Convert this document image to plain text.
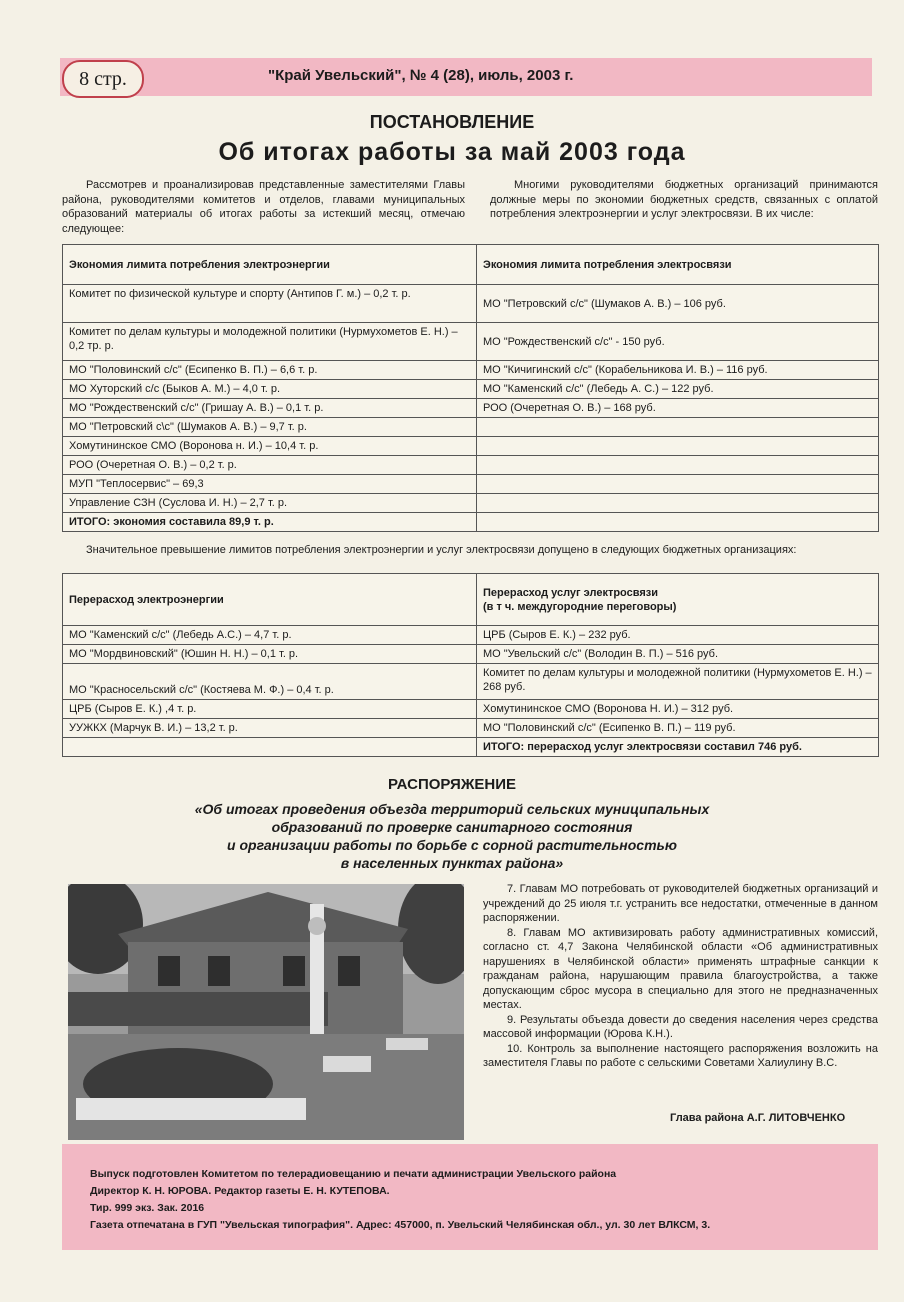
8 стр.	"Край Увельский", № 4 (28), июль, 2003 г.
ПОСТАНОВЛЕНИЕ
Об итогах работы за май 2003 года
Рассмотрев и проанализировав представленные заместителями Главы района, руководителями комитетов и отделов, главами муниципальных образований материалы об итогах работы за истекший месяц, отмечаю следующее:
Многими руководителями бюджетных организаций принимаются должные меры по экономии бюджетных средств, связанных с оплатой потребления электроэнергии и услуг электросвязи. В их числе:
Экономия лимита потребления электроэнергии	Экономия лимита потребления электросвязи
Комитет по физической культуре и спорту (Антипов Г. м.) – 0,2 т. р.	МО "Петровский с/с" (Шумаков А. В.) – 106 руб.
Комитет по делам культуры и молодежной политики (Нурмухометов Е. Н.) – 0,2 тр. р.	МО "Рождественский с/с" - 150 руб.
МО "Половинский с/с" (Есипенко В. П.) – 6,6 т. р.	МО "Кичигинский с/с" (Корабельникова И. В.) – 116 руб.
МО Хуторский с/с (Быков А. М.) – 4,0 т. р.	МО "Каменский с/с" (Лебедь А. С.) – 122 руб.
МО "Рождественский с/с" (Гришау А. В.) – 0,1 т. р.	РОО (Очеретная О. В.) – 168 руб.
МО "Петровский с\с" (Шумаков А. В.) – 9,7 т. р.	
Хомутининское СМО (Воронова н. И.) – 10,4 т. р.	
РОО (Очеретная О. В.) – 0,2 т. р.	
МУП "Теплосервис" – 69,3	
Управление СЗН (Суслова И. Н.) – 2,7 т. р.	
ИТОГО: экономия составила 89,9 т. р.	
Значительное превышение лимитов потребления электроэнергии и услуг электросвязи допущено в следующих бюджетных организациях:
Перерасход электроэнергии	Перерасход услуг электросвязи
(в т ч. междугородние переговоры)

МО "Каменский с/с" (Лебедь А.С.) – 4,7 т. р.	ЦРБ (Сыров Е. К.) – 232 руб.
МО "Мордвиновский" (Юшин Н. Н.) – 0,1 т. р.	МО "Увельский с/с" (Володин В. П.) – 516 руб.
МО "Красносельский с/с" (Костяева М. Ф.) – 0,4 т. р.	Комитет по делам культуры и молодежной политики (Нурмухометов Е. Н.) – 268 руб.
ЦРБ (Сыров Е. К.) ,4 т. р.	Хомутининское СМО (Воронова Н. И.) – 312 руб.
УУЖКХ (Марчук В. И.) – 13,2 т. р.	МО "Половинский с/с" (Есипенко В. П.) – 119 руб.
	ИТОГО: перерасход услуг электросвязи составил 746 руб.
РАСПОРЯЖЕНИЕ
«Об итогах проведения объезда территорий сельских муниципальных
образований по проверке санитарного состояния
и организации работы по борьбе с сорной растительностью
в населенных пунктах района»

7. Главам МО потребовать от руководителей бюджетных организаций и учреждений до 25 июля т.г. устранить все недостатки, отмеченные в данном распоряжении.

8. Главам МО активизировать работу административных комиссий, согласно ст. 4,7 Закона Челябинской области «Об административных нарушениях в Челябинской области» применять штрафные санкции к гражданам района, нарушающим правила благоустройства, а также допускающим сброс мусора в специально для этого не предназначенных местах.

9. Результаты объезда довести до сведения населения через средства массовой информации (Юрова К.Н.).

10. Контроль за выполнение настоящего распоряжения возложить на заместителя Главы по работе с сельскими Советами Халиулину В.С.

Глава района А.Г. ЛИТОВЧЕНКО
Выпуск подготовлен Комитетом по телерадиовещанию и печати администрации Увельского района
Директор К. Н. ЮРОВА. Редактор газеты Е. Н. КУТЕПОВА.
Тир. 999 экз. Зак. 2016
Газета отпечатана в ГУП "Увельская типография". Адрес: 457000, п. Увельский Челябинская обл., ул. 30 лет ВЛКСМ, 3.
